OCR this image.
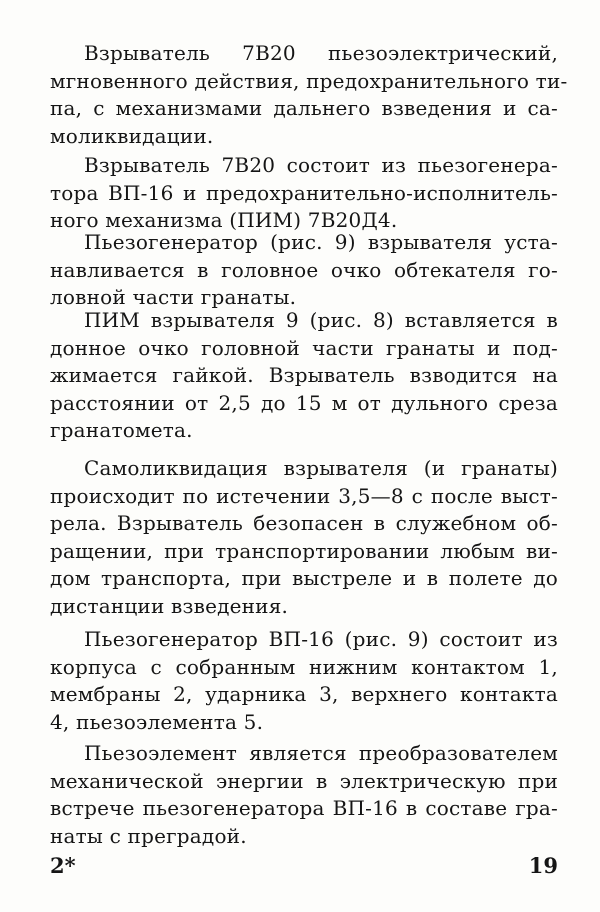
Взрыватель 7В20 пьезоэлектрический,
мгновенного действия, предохранительного ти-
па, с механизмами дальнего взведения и са-
моликвидации.
Взрыватель 7В20 состоит из пьезогенера-
тора ВП-16 и предохранительно-исполнитель-
ного механизма (ПИМ) 7В20Д4.
Пьезогенератор (рис. 9) взрывателя уста-
навливается в головное очко обтекателя го-
ловной части гранаты.
ПИМ взрывателя 9 (рис. 8) вставляется в
донное очко головной части гранаты и под-
жимается гайкой. Взрыватель взводится на
расстоянии от 2,5 до 15 м от дульного среза
гранатомета.
Самоликвидация взрывателя (и гранаты)
происходит по истечении 3,5—8 с после выст-
рела. Взрыватель безопасен в служебном об-
ращении, при транспортировании любым ви-
дом транспорта, при выстреле и в полете до
дистанции взведения.
Пьезогенератор ВП-16 (рис. 9) состоит из
корпуса с собранным нижним контактом 1,
мембраны 2, ударника 3, верхнего контакта
4, пьезоэлемента 5.
Пьезоэлемент является преобразователем
механической энергии в электрическую при
встрече пьезогенератора ВП-16 в составе гра-
наты с преградой.
2*	19
